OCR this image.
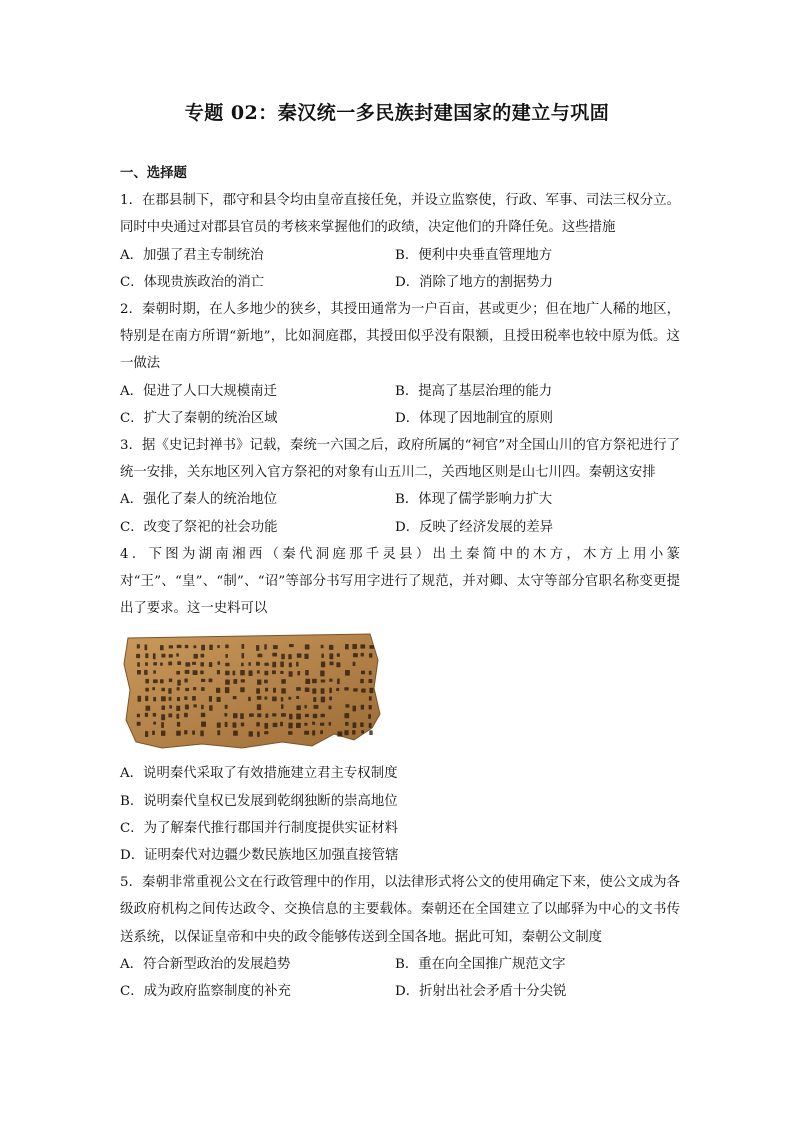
专题 02：秦汉统一多民族封建国家的建立与巩固
一、选择题
1．在郡县制下，郡守和县令均由皇帝直接任免，并设立监察使，行政、军事、司法三权分立。同时中央通过对郡县官员的考核来掌握他们的政绩，决定他们的升降任免。这些措施
A．加强了君主专制统治	B．便利中央垂直管理地方
C．体现贵族政治的消亡	D．消除了地方的割据势力
2．秦朝时期，在人多地少的狭乡，其授田通常为一户百亩，甚或更少；但在地广人稀的地区，特别是在南方所谓“新地”，比如洞庭郡，其授田似乎没有限额，且授田税率也较中原为低。这一做法
A．促进了人口大规模南迁	B．提高了基层治理的能力
C．扩大了秦朝的统治区域	D．体现了因地制宜的原则
3．据《史记封禅书》记载，秦统一六国之后，政府所属的“祠官”对全国山川的官方祭祀进行了统一安排，关东地区列入官方祭祀的对象有山五川二，关西地区则是山七川四。秦朝这安排
A．强化了秦人的统治地位	B．体现了儒学影响力扩大
C．改变了祭祀的社会功能	D．反映了经济发展的差异
4．下图为湖南湘西（秦代洞庭那千灵县）出土秦简中的木方，木方上用小篆对“王”、“皇”、“制”、“诏”等部分书写用字进行了规范，并对卿、太守等部分官职名称变更提出了要求。这一史料可以
A．说明秦代采取了有效措施建立君主专权制度
B．说明秦代皇权已发展到乾纲独断的崇高地位
C．为了解秦代推行郡国并行制度提供实证材料
D．证明秦代对边疆少数民族地区加强直接管辖
5．秦朝非常重视公文在行政管理中的作用，以法律形式将公文的使用确定下来，使公文成为各级政府机构之间传达政令、交换信息的主要载体。秦朝还在全国建立了以邮驿为中心的文书传送系统，以保证皇帝和中央的政令能够传送到全国各地。据此可知，秦朝公文制度
A．符合新型政治的发展趋势	B．重在向全国推广规范文字
C．成为政府监察制度的补充	D．折射出社会矛盾十分尖锐
